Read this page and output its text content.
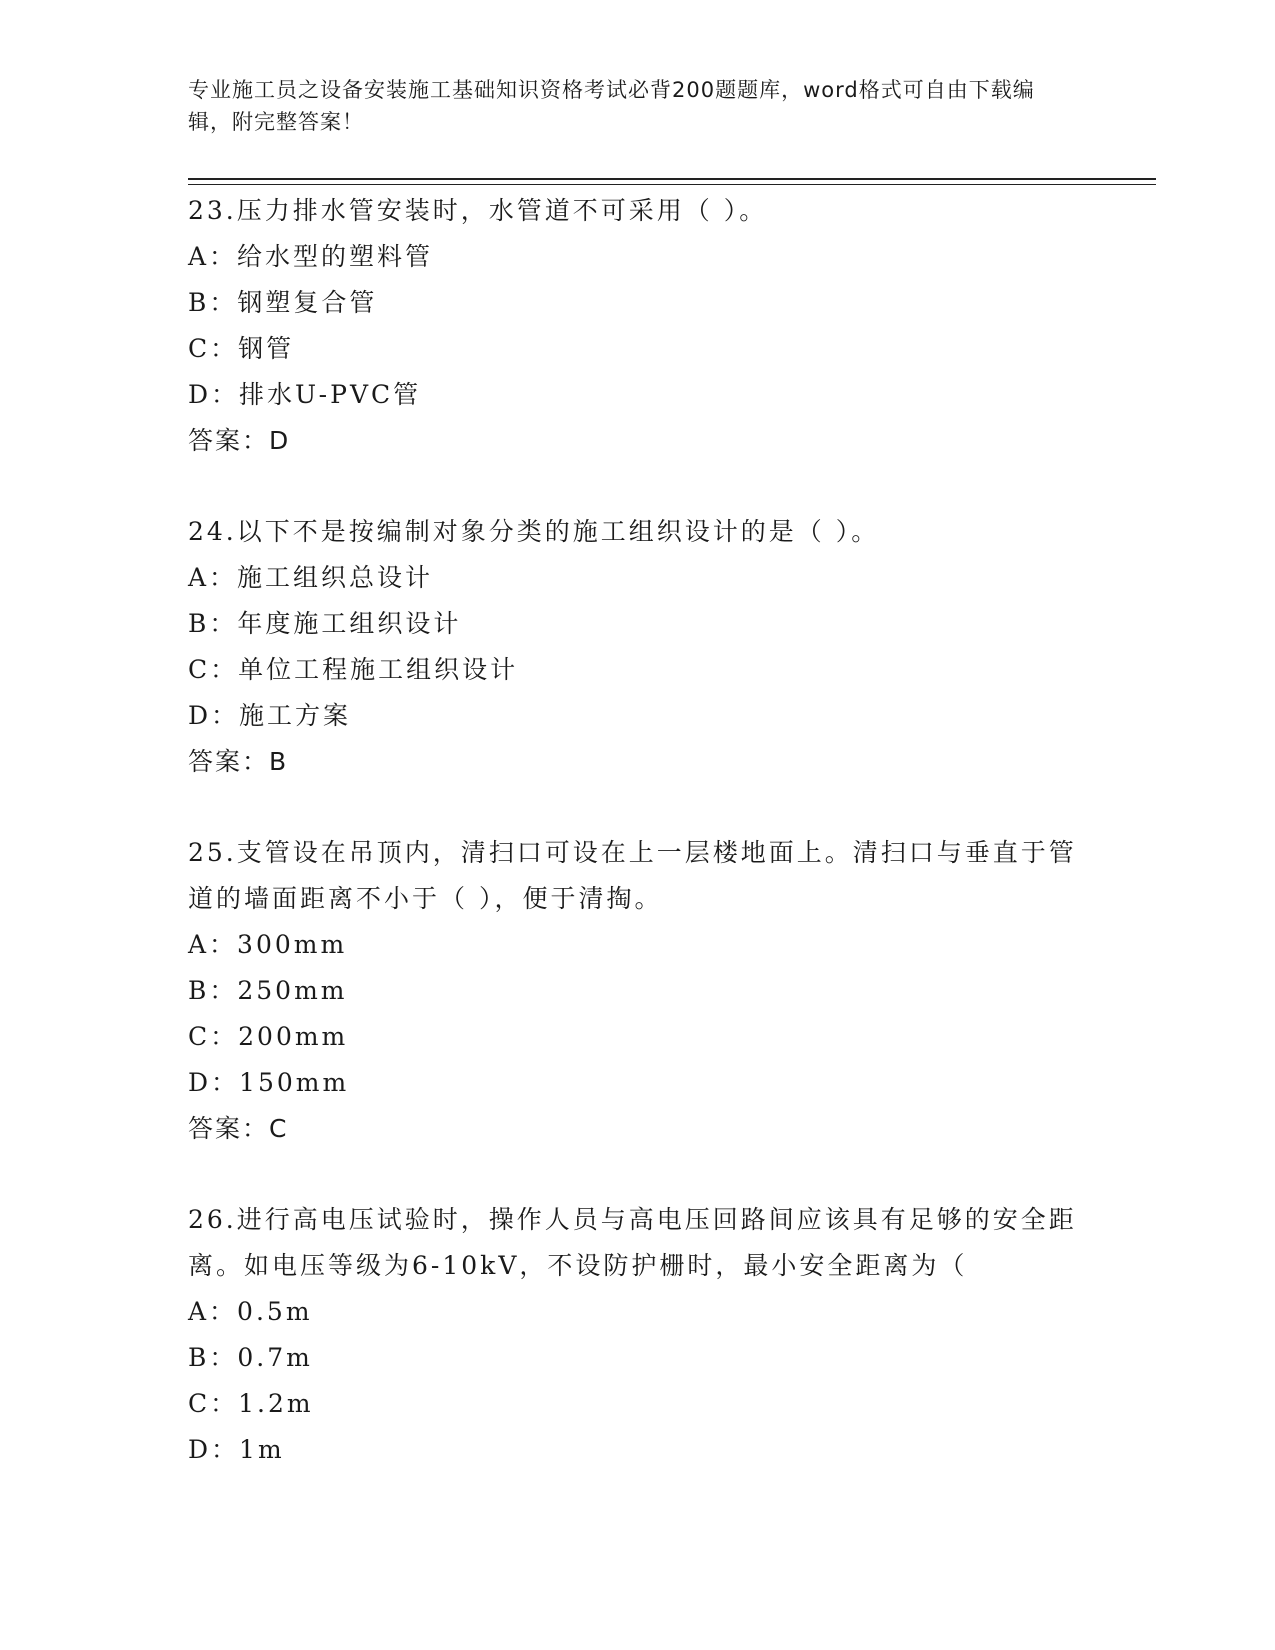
专业施工员之设备安装施工基础知识资格考试必背200题题库，word格式可自由下载编辑，附完整答案！

23.压力排水管安装时，水管道不可采用（ ）。

A：给水型的塑料管

B：钢塑复合管

C：钢管

D：排水U-PVC管

答案：D

24.以下不是按编制对象分类的施工组织设计的是（ ）。

A：施工组织总设计

B：年度施工组织设计

C：单位工程施工组织设计

D：施工方案

答案：B

25.支管设在吊顶内，清扫口可设在上一层楼地面上。清扫口与垂直于管道的墙面距离不小于（ ），便于清掏。

A：300mm

B：250mm

C：200mm

D：150mm

答案：C

26.进行高电压试验时，操作人员与高电压回路间应该具有足够的安全距离。如电压等级为6-10kV，不设防护栅时，最小安全距离为（

A：0.5m

B：0.7m

C：1.2m

D：1m
